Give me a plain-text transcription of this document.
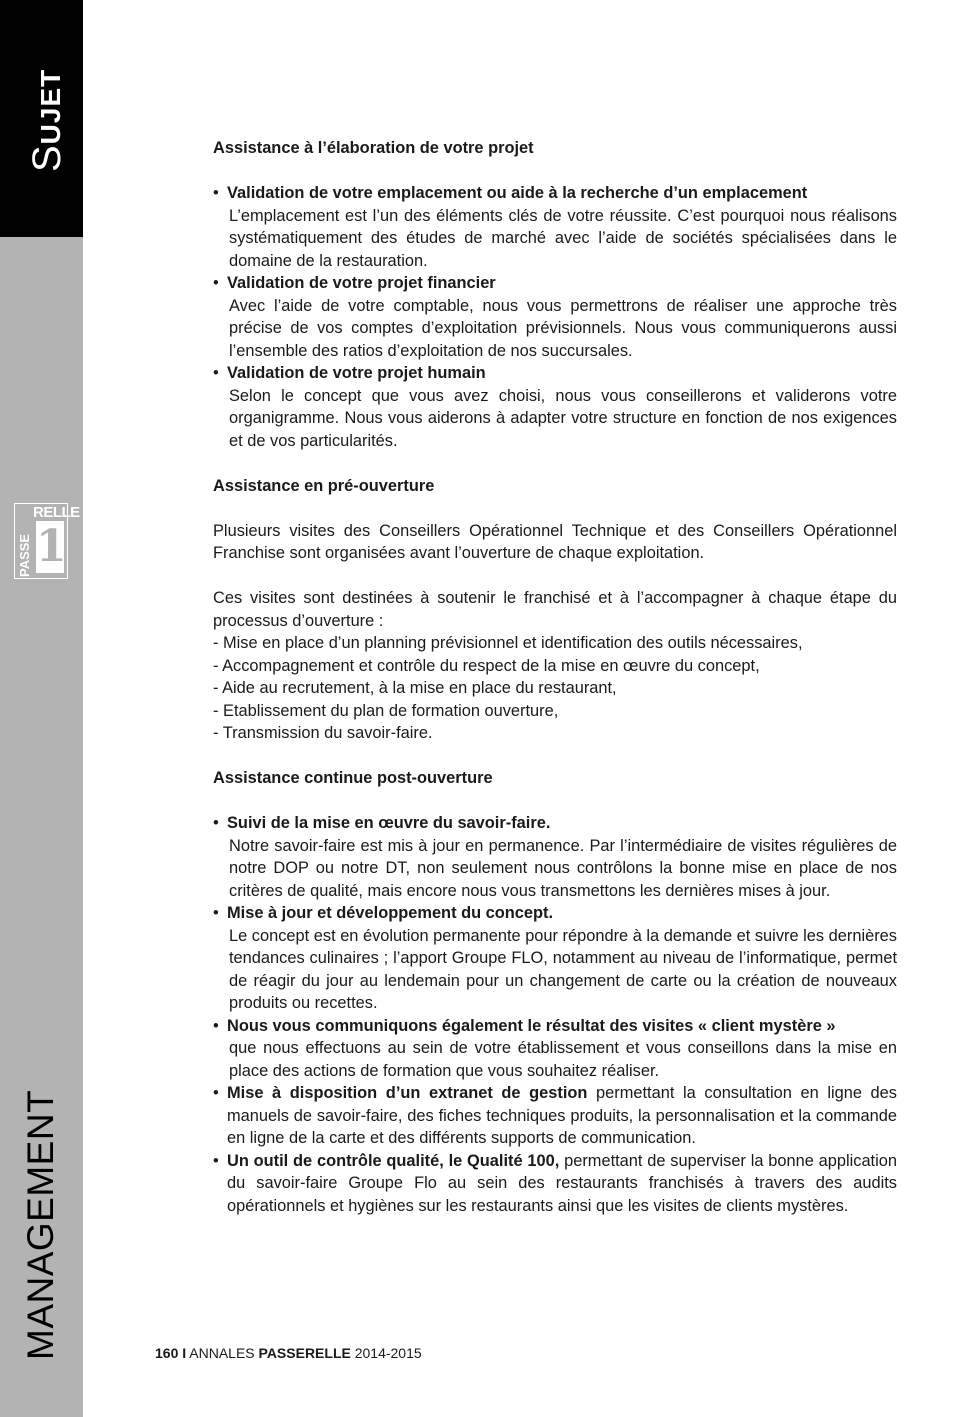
SUJET
RELLE
PASSE 1
MANAGEMENT

Assistance à l’élaboration de votre projet

• Validation de votre emplacement ou aide à la recherche d’un emplacement
L’emplacement est l’un des éléments clés de votre réussite. C’est pourquoi nous réalisons systématiquement des études de marché avec l’aide de sociétés spécialisées dans le domaine de la restauration.
• Validation de votre projet financier
Avec l’aide de votre comptable, nous vous permettrons de réaliser une approche très précise de vos comptes d’exploitation prévisionnels. Nous vous communiquerons aussi l’ensemble des ratios d’exploitation de nos succursales.
• Validation de votre projet humain
Selon le concept que vous avez choisi, nous vous conseillerons et validerons votre organigramme. Nous vous aiderons à adapter votre structure en fonction de nos exigences et de vos particularités.

Assistance en pré-ouverture

Plusieurs visites des Conseillers Opérationnel Technique et des Conseillers Opérationnel Franchise sont organisées avant l’ouverture de chaque exploitation.

Ces visites sont destinées à soutenir le franchisé et à l’accompagner à chaque étape du processus d’ouverture :

- Mise en place d’un planning prévisionnel et identification des outils nécessaires,

- Accompagnement et contrôle du respect de la mise en œuvre du concept,

- Aide au recrutement, à la mise en place du restaurant,

- Etablissement du plan de formation ouverture,

- Transmission du savoir-faire.

Assistance continue post-ouverture

• Suivi de la mise en œuvre du savoir-faire.
Notre savoir-faire est mis à jour en permanence. Par l’intermédiaire de visites régulières de notre DOP ou notre DT, non seulement nous contrôlons la bonne mise en place de nos critères de qualité, mais encore nous vous transmettons les dernières mises à jour.
• Mise à jour et développement du concept.
Le concept est en évolution permanente pour répondre à la demande et suivre les dernières tendances culinaires ; l’apport Groupe FLO, notamment au niveau de l’informatique, permet de réagir du jour au lendemain pour un changement de carte ou la création de nouveaux produits ou recettes.
• Nous vous communiquons également le résultat des visites « client mystère »
que nous effectuons au sein de votre établissement et vous conseillons dans la mise en place des actions de formation que vous souhaitez réaliser.
• Mise à disposition d’un extranet de gestion permettant la consultation en ligne des manuels de savoir-faire, des fiches techniques produits, la personnalisation et la commande en ligne de la carte et des différents supports de communication.
• Un outil de contrôle qualité, le Qualité 100, permettant de superviser la bonne application du savoir-faire Groupe Flo au sein des restaurants franchisés à travers des audits opérationnels et hygiènes sur les restaurants ainsi que les visites de clients mystères.
160 I ANNALES PASSERELLE 2014-2015
